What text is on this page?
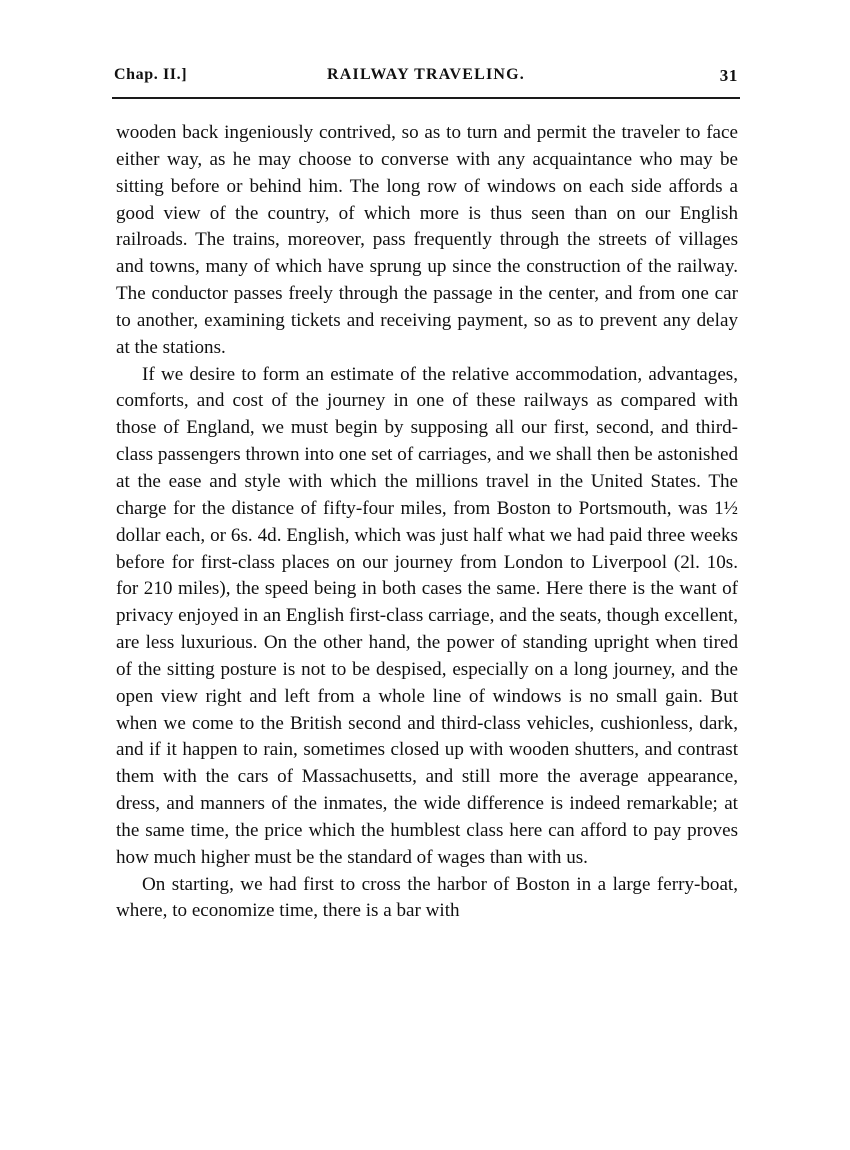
Chap. II.]	RAILWAY TRAVELING.	31

wooden back ingeniously contrived, so as to turn and permit the traveler to face either way, as he may choose to converse with any acquaintance who may be sitting before or behind him. The long row of windows on each side affords a good view of the country, of which more is thus seen than on our English railroads. The trains, moreover, pass frequently through the streets of villages and towns, many of which have sprung up since the construction of the railway. The conductor passes freely through the passage in the center, and from one car to another, examining tickets and receiving payment, so as to prevent any delay at the stations.

If we desire to form an estimate of the relative accommodation, advantages, comforts, and cost of the journey in one of these railways as compared with those of England, we must begin by supposing all our first, second, and third-class passengers thrown into one set of carriages, and we shall then be astonished at the ease and style with which the millions travel in the United States. The charge for the distance of fifty-four miles, from Boston to Portsmouth, was 1½ dollar each, or 6s. 4d. English, which was just half what we had paid three weeks before for first-class places on our journey from London to Liverpool (2l. 10s. for 210 miles), the speed being in both cases the same. Here there is the want of privacy enjoyed in an English first-class carriage, and the seats, though excellent, are less luxurious. On the other hand, the power of standing upright when tired of the sitting posture is not to be despised, especially on a long journey, and the open view right and left from a whole line of windows is no small gain. But when we come to the British second and third-class vehicles, cushionless, dark, and if it happen to rain, sometimes closed up with wooden shutters, and contrast them with the cars of Massachusetts, and still more the average appearance, dress, and manners of the inmates, the wide difference is indeed remarkable; at the same time, the price which the humblest class here can afford to pay proves how much higher must be the standard of wages than with us.

On starting, we had first to cross the harbor of Boston in a large ferry-boat, where, to economize time, there is a bar with
